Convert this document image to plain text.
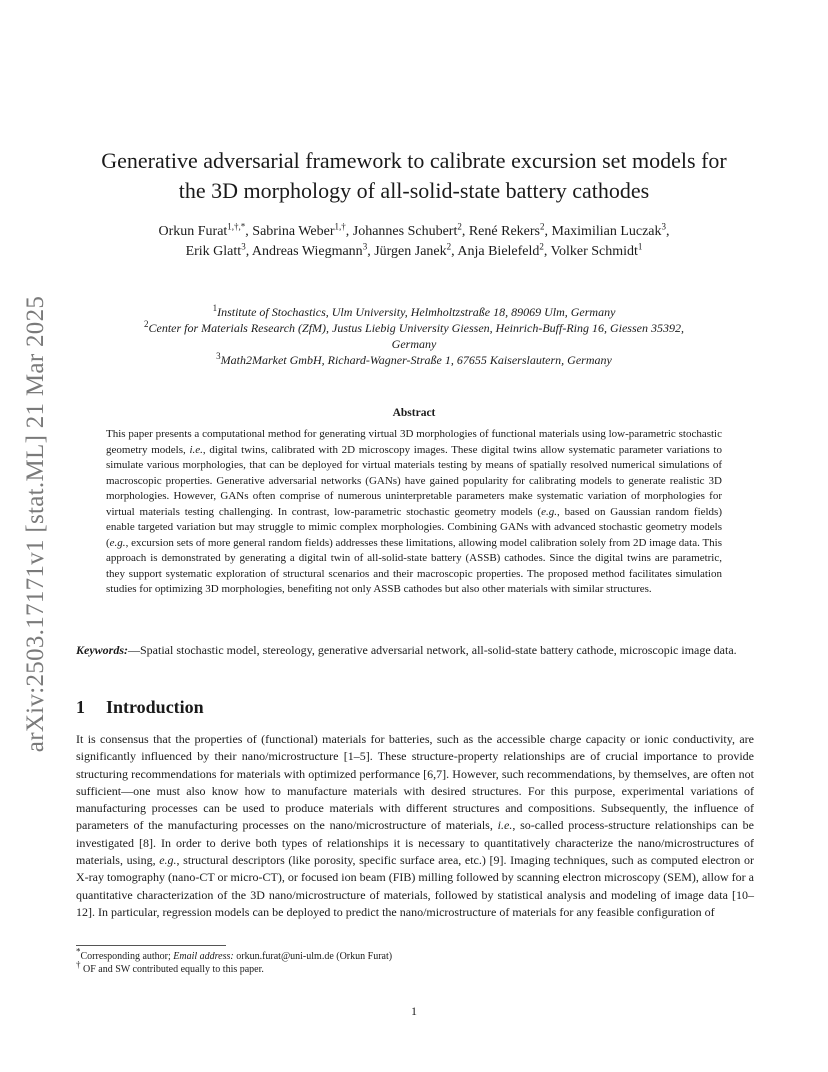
arXiv:2503.17171v1 [stat.ML] 21 Mar 2025
Generative adversarial framework to calibrate excursion set models for
the 3D morphology of all-solid-state battery cathodes
Orkun Furat$^{1,\dagger,*}$, Sabrina Weber$^{1,\dagger}$, Johannes Schubert$^2$, René Rekers$^2$, Maximilian Luczak$^3$,
Erik Glatt$^3$, Andreas Wiegmann$^3$, Jürgen Janek$^2$, Anja Bielefeld$^2$, Volker Schmidt$^1$
$^1$Institute of Stochastics, Ulm University, Helmholtzstraße 18, 89069 Ulm, Germany
$^2$Center for Materials Research (ZfM), Justus Liebig University Giessen, Heinrich-Buff-Ring 16, Giessen 35392,
Germany
$^3$Math2Market GmbH, Richard-Wagner-Straße 1, 67655 Kaiserslautern, Germany
Abstract
This paper presents a computational method for generating virtual 3D morphologies of functional materials using low-parametric stochastic geometry models, i.e., digital twins, calibrated with 2D microscopy images. These digital twins allow systematic parameter variations to simulate various morphologies, that can be deployed for virtual materials testing by means of spatially resolved numerical simulations of macroscopic properties. Generative adversarial networks (GANs) have gained popularity for calibrating models to generate realistic 3D morphologies. However, GANs often comprise of numerous uninterpretable parameters make systematic variation of morphologies for virtual materials testing challenging. In contrast, low-parametric stochastic geometry models (e.g., based on Gaussian random fields) enable targeted variation but may struggle to mimic complex morphologies. Combining GANs with advanced stochastic geometry models (e.g., excursion sets of more general random fields) addresses these limitations, allowing model calibration solely from 2D image data. This approach is demonstrated by generating a digital twin of all-solid-state battery (ASSB) cathodes. Since the digital twins are parametric, they support systematic exploration of structural scenarios and their macroscopic properties. The proposed method facilitates simulation studies for optimizing 3D morphologies, benefiting not only ASSB cathodes but also other materials with similar structures.
Keywords:—Spatial stochastic model, stereology, generative adversarial network, all-solid-state battery cathode, microscopic image data.
1 Introduction
It is consensus that the properties of (functional) materials for batteries, such as the accessible charge capacity or ionic conductivity, are significantly influenced by their nano/microstructure [1–5]. These structure-property relationships are of crucial importance to provide structuring recommendations for materials with optimized performance [6,7]. However, such recommendations, by themselves, are often not sufficient—one must also know how to manufacture materials with desired structures. For this purpose, experimental variations of manufacturing processes can be used to produce materials with different structures and compositions. Subsequently, the influence of parameters of the manufacturing processes on the nano/microstructure of materials, i.e., so-called process-structure relationships can be investigated [8]. In order to derive both types of relationships it is necessary to quantitatively characterize the nano/microstructures of materials, using, e.g., structural descriptors (like porosity, specific surface area, etc.) [9]. Imaging techniques, such as computed electron or X-ray tomography (nano-CT or micro-CT), or focused ion beam (FIB) milling followed by scanning electron microscopy (SEM), allow for a quantitative characterization of the 3D nano/microstructure of materials, followed by statistical analysis and modeling of image data [10–12]. In particular, regression models can be deployed to predict the nano/microstructure of materials for any feasible configuration of
*Corresponding author; Email address: orkun.furat@uni-ulm.de (Orkun Furat)
† OF and SW contributed equally to this paper.
1
